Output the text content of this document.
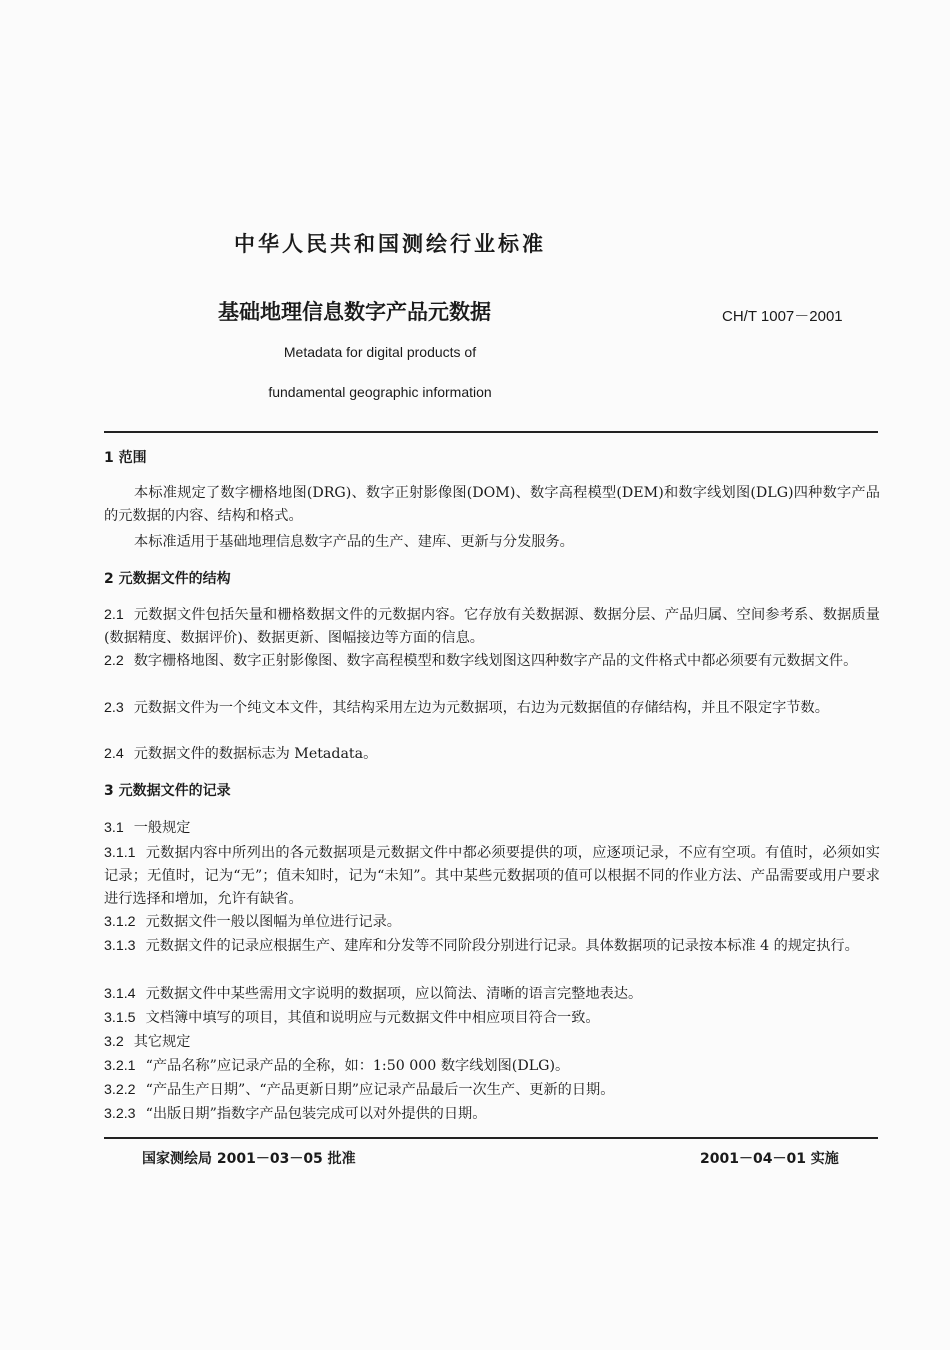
中华人民共和国测绘行业标准
基础地理信息数字产品元数据	CH/T 1007－2001
Metadata for digital products of
fundamental geographic information
1 范围
本标准规定了数字栅格地图(DRG)、数字正射影像图(DOM)、数字高程模型(DEM)和数字线划图(DLG)四种数字产品的元数据的内容、结构和格式。
本标准适用于基础地理信息数字产品的生产、建库、更新与分发服务。
2 元数据文件的结构
2.1 元数据文件包括矢量和栅格数据文件的元数据内容。它存放有关数据源、数据分层、产品归属、空间参考系、数据质量(数据精度、数据评价)、数据更新、图幅接边等方面的信息。
2.2 数字栅格地图、数字正射影像图、数字高程模型和数字线划图这四种数字产品的文件格式中都必须要有元数据文件。
2.3 元数据文件为一个纯文本文件，其结构采用左边为元数据项，右边为元数据值的存储结构，并且不限定字节数。
2.4 元数据文件的数据标志为 Metadata。
3 元数据文件的记录
3.1 一般规定
3.1.1 元数据内容中所列出的各元数据项是元数据文件中都必须要提供的项，应逐项记录，不应有空项。有值时，必须如实记录；无值时，记为“无”；值未知时，记为“未知”。其中某些元数据项的值可以根据不同的作业方法、产品需要或用户要求进行选择和增加，允许有缺省。
3.1.2 元数据文件一般以图幅为单位进行记录。
3.1.3 元数据文件的记录应根据生产、建库和分发等不同阶段分别进行记录。具体数据项的记录按本标准 4 的规定执行。
3.1.4 元数据文件中某些需用文字说明的数据项，应以简法、清晰的语言完整地表达。
3.1.5 文档簿中填写的项目，其值和说明应与元数据文件中相应项目符合一致。
3.2 其它规定
3.2.1 “产品名称”应记录产品的全称，如：1:50 000 数字线划图(DLG)。
3.2.2 “产品生产日期”、“产品更新日期”应记录产品最后一次生产、更新的日期。
3.2.3 “出版日期”指数字产品包装完成可以对外提供的日期。
国家测绘局 2001－03－05 批准	2001－04－01 实施
